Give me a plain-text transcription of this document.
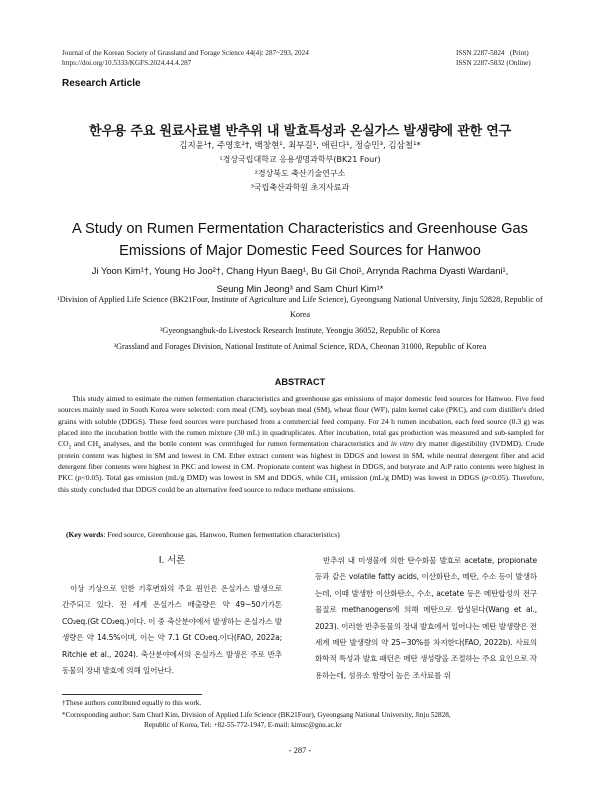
Journal of the Korean Society of Grassland and Forage Science 44(4): 287~293, 2024
https://doi.org/10.5333/KGFS.2024.44.4.287
ISSN 2287-5824   (Print)
ISSN 2287-5832 (Online)
Research Article
한우용 주요 원료사료별 반추위 내 발효특성과 온실가스 발생량에 관한 연구
김지윤¹†, 주영호²†, 백창현¹, 최부길¹, 애린다¹, 정승민³, 김삼철¹*
¹경상국립대학교 응용생명과학부(BK21 Four)
²경상북도 축산기술연구소
³국립축산과학원 초지사료과
A Study on Rumen Fermentation Characteristics and Greenhouse Gas
Emissions of Major Domestic Feed Sources for Hanwoo
Ji Yoon Kim¹†, Young Ho Joo²†, Chang Hyun Baeg¹, Bu Gil Choi¹, Arrynda Rachma Dyasti Wardani¹,
Seung Min Jeong³ and Sam Churl Kim¹*
¹Division of Applied Life Science (BK21Four, Institute of Agriculture and Life Science), Gyeongsang National University, Jinju 52828, Republic of Korea
²Gyeongsangbuk-do Livestock Research Institute, Yeongju 36052, Republic of Korea
³Grassland and Forages Division, National Institute of Animal Science, RDA, Cheonan 31000, Republic of Korea
ABSTRACT

This study aimed to estimate the rumen fermentation characteristics and greenhouse gas emissions of major domestic feed sources for Hanwoo. Five feed sources mainly used in South Korea were selected: corn meal (CM), soybean meal (SM), wheat flour (WF), palm kernel cake (PKC), and corn distiller's dried grains with soluble (DDGS). These feed sources were purchased from a commercial feed company. For 24 h rumen incubation, each feed source (0.3 g) was placed into the incubation bottle with the rumen mixture (30 mL) in quadruplicates. After incubation, total gas production was measured and sub-sampled for $CO_2$ and $CH_4$ analyses, and the bottle content was centrifuged for rumen fermentation characteristics and in vitro dry matter digestibility (IVDMD). Crude protein content was highest in SM and lowest in CM. Ether extract content was highest in DDGS and lowest in SM, while neutral detergent fiber and acid detergent fiber contents were highest in PKC and lowest in CM. Propionate content was highest in DDGS, and butyrate and A:P ratio contents were highest in PKC (p<0.05). Total gas emission (mL/g DMD) was lowest in SM and DDGS, while $CH_4$ emission (mL/g DMD) was lowest in DDGS (p<0.05). Therefore, this study concluded that DDGS could be an alternative feed source to reduce methane emissions.

(Key words: Feed source, Greenhouse gas, Hanwoo, Rumen fermentation characteristics)
Ⅰ. 서론

이상 기상으로 인한 기후변화의 주요 원인은 온실가스 발생으로 간주되고 있다. 전 세계 온실가스 배출량은 약 49~50기가톤 CO₂eq.(Gt CO₂eq.)이다. 이 중 축산분야에서 발생하는 온실가스 발생량은 약 14.5%이며, 이는 약 7.1 Gt CO₂eq.이다(FAO, 2022a; Ritchie et al., 2024). 축산분야에서의 온실가스 발생은 주로 반추동물의 장내 발효에 의해 일어난다.

반추위 내 미생물에 의한 탄수화물 발효로 acetate, propionate 등과 같은 volatile fatty acids, 이산화탄소, 메탄, 수소 등이 발생하는데, 이때 발생한 이산화탄소, 수소, acetate 등은 메탄합성의 전구물질로 methanogens에 의해 메탄으로 합성된다(Wang et al., 2023). 이러한 반추동물의 장내 발효에서 일어나는 메탄 발생량은 전 세계 메탄 발생량의 약 25~30%를 차지한다(FAO, 2022b). 사료의 화학적 특성과 발효 패턴은 메탄 생성량을 조절하는 주요 요인으로 작용하는데, 섬유소 함량이 높은 조사료를 위

†These authors contributed equally to this work.
*Corresponding author: Sam Churl Kim, Division of Applied Life Science (BK21Four), Gyeongsang National University, Jinju 52828,
Republic of Korea, Tel: +82-55-772-1947, E-mail: kimsc@gnu.ac.kr
- 287 -
